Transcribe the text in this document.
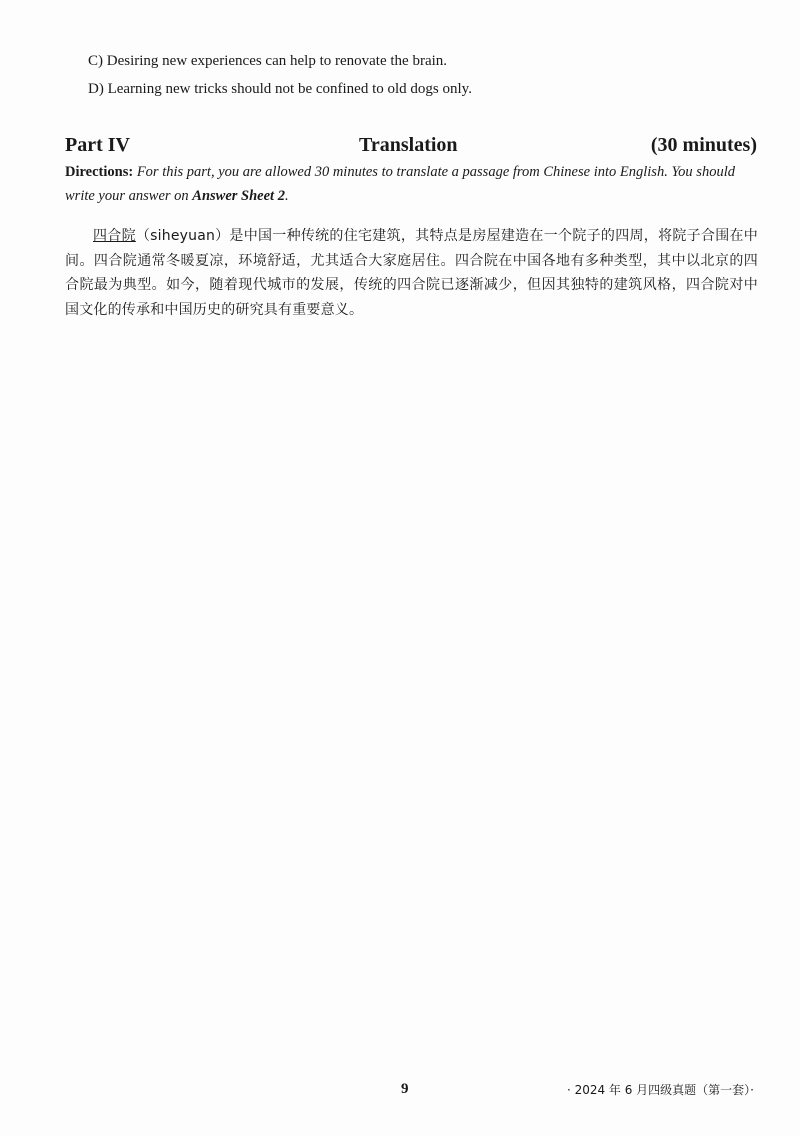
C) Desiring new experiences can help to renovate the brain.
D) Learning new tricks should not be confined to old dogs only.
Part IV	Translation	(30 minutes)
Directions: For this part, you are allowed 30 minutes to translate a passage from Chinese into English. You should write your answer on Answer Sheet 2.
四合院（siheyuan）是中国一种传统的住宅建筑，其特点是房屋建造在一个院子的四周，将院子合围在中间。四合院通常冬暖夏凉，环境舒适，尤其适合大家庭居住。四合院在中国各地有多种类型，其中以北京的四合院最为典型。如今，随着现代城市的发展，传统的四合院已逐渐减少，但因其独特的建筑风格，四合院对中国文化的传承和中国历史的研究具有重要意义。
9	· 2024 年 6 月四级真题（第一套）·
